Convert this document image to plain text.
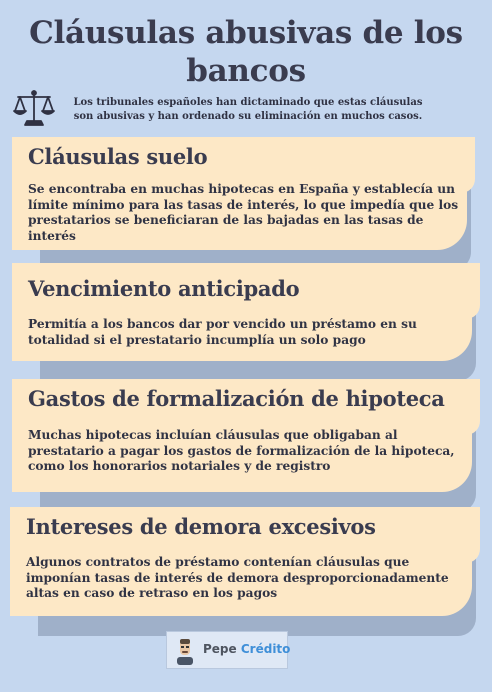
Cláusulas abusivas de los bancos
Los tribunales españoles han dictaminado que estas cláusulas son abusivas y han ordenado su eliminación en muchos casos.
Cláusulas suelo

Se encontraba en muchas hipotecas en España y establecía un límite mínimo para las tasas de interés, lo que impedía que los prestatarios se beneficiaran de las bajadas en las tasas de interés

Vencimiento anticipado

Permitía a los bancos dar por vencido un préstamo en su totalidad si el prestatario incumplía un solo pago

Gastos de formalización de hipoteca

Muchas hipotecas incluían cláusulas que obligaban al prestatario a pagar los gastos de formalización de la hipoteca, como los honorarios notariales y de registro

Intereses de demora excesivos

Algunos contratos de préstamo contenían cláusulas que imponían tasas de interés de demora desproporcionadamente altas en caso de retraso en los pagos

Pepe Crédito
